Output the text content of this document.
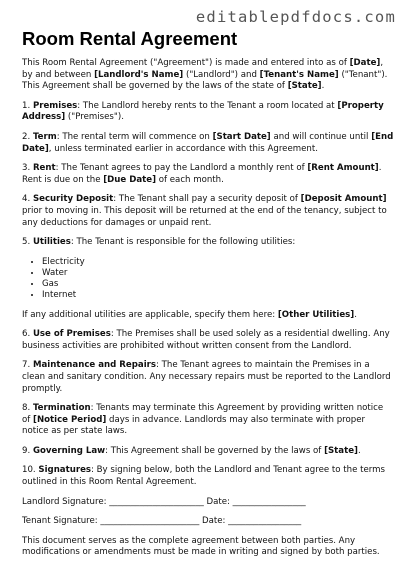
editablepdfdocs.com
Room Rental Agreement

This Room Rental Agreement ("Agreement") is made and entered into as of [Date], by and between [Landlord's Name] ("Landlord") and [Tenant's Name] ("Tenant"). This Agreement shall be governed by the laws of the state of [State].

1. Premises: The Landlord hereby rents to the Tenant a room located at [Property Address] ("Premises").

2. Term: The rental term will commence on [Start Date] and will continue until [End Date], unless terminated earlier in accordance with this Agreement.

3. Rent: The Tenant agrees to pay the Landlord a monthly rent of [Rent Amount]. Rent is due on the [Due Date] of each month.

4. Security Deposit: The Tenant shall pay a security deposit of [Deposit Amount] prior to moving in. This deposit will be returned at the end of the tenancy, subject to any deductions for damages or unpaid rent.

5. Utilities: The Tenant is responsible for the following utilities:

• Electricity
• Water
• Gas
• Internet

If any additional utilities are applicable, specify them here: [Other Utilities].

6. Use of Premises: The Premises shall be used solely as a residential dwelling. Any business activities are prohibited without written consent from the Landlord.

7. Maintenance and Repairs: The Tenant agrees to maintain the Premises in a clean and sanitary condition. Any necessary repairs must be reported to the Landlord promptly.

8. Termination: Tenants may terminate this Agreement by providing written notice of [Notice Period] days in advance. Landlords may also terminate with proper notice as per state laws.

9. Governing Law: This Agreement shall be governed by the laws of [State].

10. Signatures: By signing below, both the Landlord and Tenant agree to the terms outlined in this Room Rental Agreement.

Landlord Signature: ______________________ Date: _________________

Tenant Signature: _______________________ Date: _________________

This document serves as the complete agreement between both parties. Any modifications or amendments must be made in writing and signed by both parties.
